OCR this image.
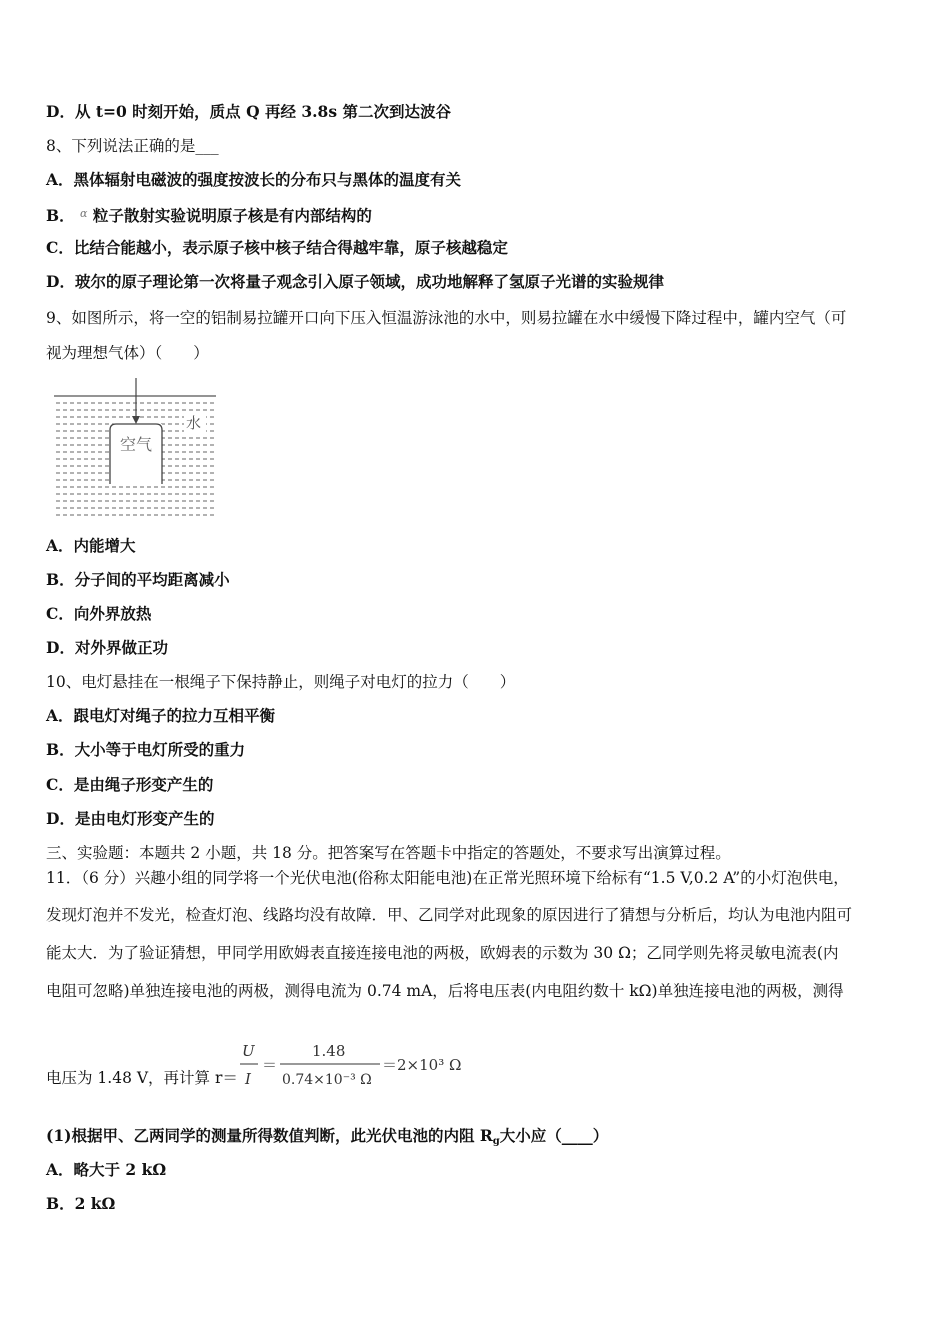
D．从 t=0 时刻开始，质点 Q 再经 3.8s 第二次到达波谷
8、下列说法正确的是___
A．黑体辐射电磁波的强度按波长的分布只与黑体的温度有关
B． $^\alpha$ 粒子散射实验说明原子核是有内部结构的
C．比结合能越小，表示原子核中核子结合得越牢靠，原子核越稳定
D．玻尔的原子理论第一次将量子观念引入原子领域，成功地解释了氢原子光谱的实验规律
9、如图所示，将一空的铝制易拉罐开口向下压入恒温游泳池的水中，则易拉罐在水中缓慢下降过程中，罐内空气（可
视为理想气体）（　　）
水
空气
A．内能增大
B．分子间的平均距离减小
C．向外界放热
D．对外界做正功
10、电灯悬挂在一根绳子下保持静止，则绳子对电灯的拉力（　　）
A．跟电灯对绳子的拉力互相平衡
B．大小等于电灯所受的重力
C．是由绳子形变产生的
D．是由电灯形变产生的
三、实验题：本题共 2 小题，共 18 分。把答案写在答题卡中指定的答题处，不要求写出演算过程。
11．（6 分）兴趣小组的同学将一个光伏电池(俗称太阳能电池)在正常光照环境下给标有“1.5 V,0.2 A”的小灯泡供电，
发现灯泡并不发光，检查灯泡、线路均没有故障．甲、乙同学对此现象的原因进行了猜想与分析后，均认为电池内阻可
能太大．为了验证猜想，甲同学用欧姆表直接连接电池的两极，欧姆表的示数为 30 Ω；乙同学则先将灵敏电流表(内
电阻可忽略)单独连接电池的两极，测得电流为 0.74 mA，后将电压表(内电阻约数十 kΩ)单独连接电池的两极，测得
电压为 1.48 V，再计算 r＝
U
I
＝
1.48
0.74×10⁻³ Ω
＝2×10³ Ω
(1)根据甲、乙两同学的测量所得数值判断，此光伏电池的内阻 $R_g$大小应（____）
A．略大于 2 kΩ
B．2 kΩ
